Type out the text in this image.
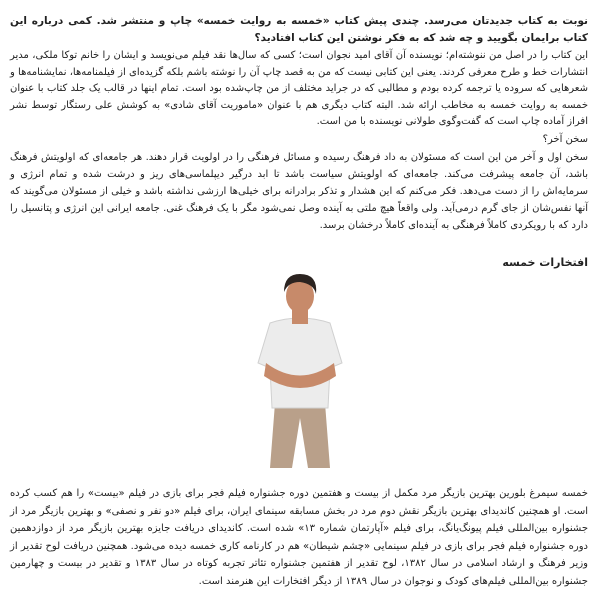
نوبت به کتاب جدیدتان می‌رسد. چندی پیش کتاب «خمسه به روایت خمسه» چاپ و منتشر شد. کمی درباره این کتاب برایمان بگویید و چه شد که به فکر نوشتن این کتاب افتادید؟

این کتاب را در اصل من ننوشته‌ام؛ نویسنده آن آقای امید نجوان است؛ کسی که سال‌ها نقد فیلم می‌نویسد و ایشان را خانم توکا ملکی، مدیر انتشارات خط و طرح معرفی کردند. یعنی این کتابی نیست که من به قصد چاپ آن را نوشته باشم بلکه گزیده‌ای از فیلمنامه‌ها، نمایشنامه‌ها و شعرهایی که سروده یا ترجمه کرده بودم و مطالبی که در جراید مختلف از من چاپ‌شده بود است. تمام اینها در قالب یک جلد کتاب با عنوان خمسه به روایت خمسه به مخاطب ارائه شد. البته کتاب دیگری هم با عنوان «ماموریت آقای شادی» به کوشش علی رستگار توسط نشر افراز آماده چاپ است که گفت‌وگوی طولانی نویسنده با من است.

سخن آخر؟

سخن اول و آخر من این است که مسئولان به داد فرهنگ رسیده و مسائل فرهنگی را در اولویت قرار دهند. هر جامعه‌ای که اولویتش فرهنگ باشد، آن جامعه پیشرفت می‌کند. جامعه‌ای که اولویتش سیاست باشد تا ابد درگیر دیپلماسی‌های ریز و درشت شده و تمام انرژی و سرمایه‌اش را از دست می‌دهد. فکر می‌کنم که این هشدار و تذکر برادرانه برای خیلی‌ها ارزشی نداشته باشد و خیلی از مسئولان می‌گویند که آنها نفس‌شان از جای گرم درمی‌آید. ولی واقعاً هیچ ملتی به آینده وصل نمی‌شود مگر با یک فرهنگ غنی. جامعه ایرانی این انرژی و پتانسیل را دارد که با رویکردی کاملاً فرهنگی به آینده‌ای کاملاً درخشان برسد.

افتخارات خمسه

خمسه سیمرغ بلورین بهترین بازیگر مرد مکمل از بیست و هفتمین دوره جشنواره فیلم فجر برای بازی در فیلم «بیست» را هم کسب کرده است. او همچنین کاندیدای بهترین بازیگر نقش دوم مرد در بخش مسابقه سینمای ایران، برای فیلم «دو نفر و نصفی» و بهترین بازیگر مرد از جشنواره بین‌المللی فیلم پیونگ‌یانگ، برای فیلم «آپارتمان شماره ۱۳» شده است. کاندیدای دریافت جایزه بهترین بازیگر مرد از دوازدهمین دوره جشنواره فیلم فجر برای بازی در فیلم سینمایی «چشم شیطان» هم در کارنامه کاری خمسه دیده می‌شود. همچنین دریافت لوح تقدیر از وزیر فرهنگ و ارشاد اسلامی در سال ۱۳۸۲، لوح تقدیر از هفتمین جشنواره تئاتر تجربه کوتاه در سال ۱۳۸۳ و تقدیر در بیست و چهارمین جشنواره بین‌المللی فیلم‌های کودک و نوجوان در سال ۱۳۸۹ از دیگر افتخارات این هنرمند است.
